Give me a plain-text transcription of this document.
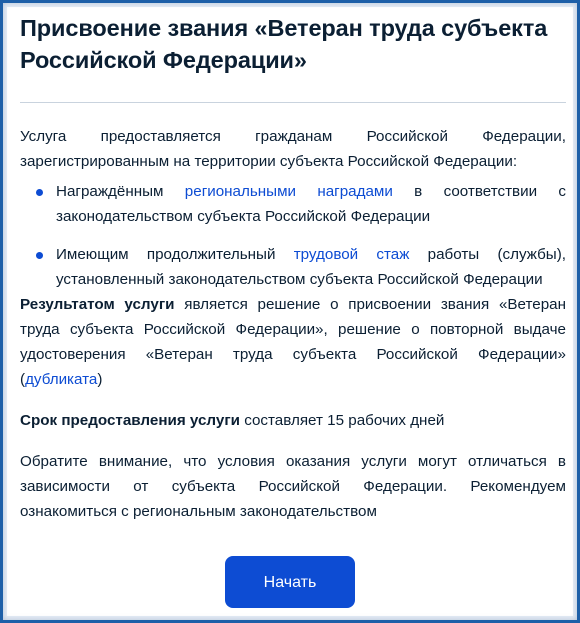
Присвоение звания «Ветеран труда субъекта Российской Федерации»
Услуга предоставляется гражданам Российской Федерации, зарегистрированным на территории субъекта Российской Федерации:
Награждённым региональными наградами в соответствии с законодательством субъекта Российской Федерации
Имеющим продолжительный трудовой стаж работы (службы), установленный законодательством субъекта Российской Федерации
Результатом услуги является решение о присвоении звания «Ветеран труда субъекта Российской Федерации», решение о повторной выдаче удостоверения «Ветеран труда субъекта Российской Федерации» (дубликата)
Срок предоставления услуги составляет 15 рабочих дней
Обратите внимание, что условия оказания услуги могут отличаться в зависимости от субъекта Российской Федерации. Рекомендуем ознакомиться с региональным законодательством
Начать
